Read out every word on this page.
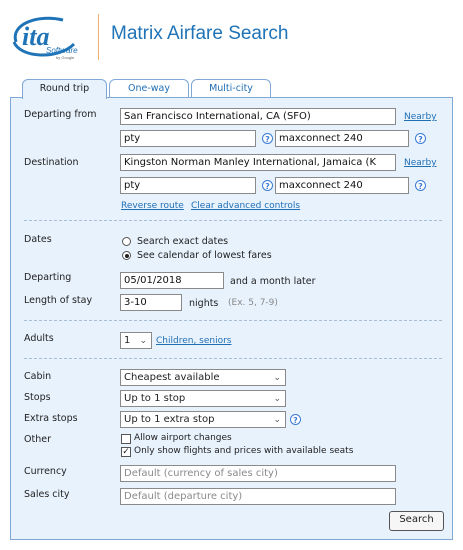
ita
Software
by Google
Matrix Airfare Search
Round trip	One-way	Multi-city
Departing from	San Francisco International, CA (SFO)	Nearby
pty	? maxconnect 240	?
Destination	Kingston Norman Manley International, Jamaica (K	Nearby
pty	? maxconnect 240	?
Reverse route Clear advanced controls
Dates	Search exact dates
See calendar of lowest fares
Departing	05/01/2018	and a month later
Length of stay	3-10	nights (Ex. 5, 7-9)
Adults	1 ⌄ Children, seniors
Cabin	Cheapest available	⌄
Stops	Up to 1 stop	⌄
Extra stops	Up to 1 extra stop	⌄	?
Other	Allow airport changes
✓ Only show flights and prices with available seats
Currency	Default (currency of sales city)
Sales city	Default (departure city)
Search
